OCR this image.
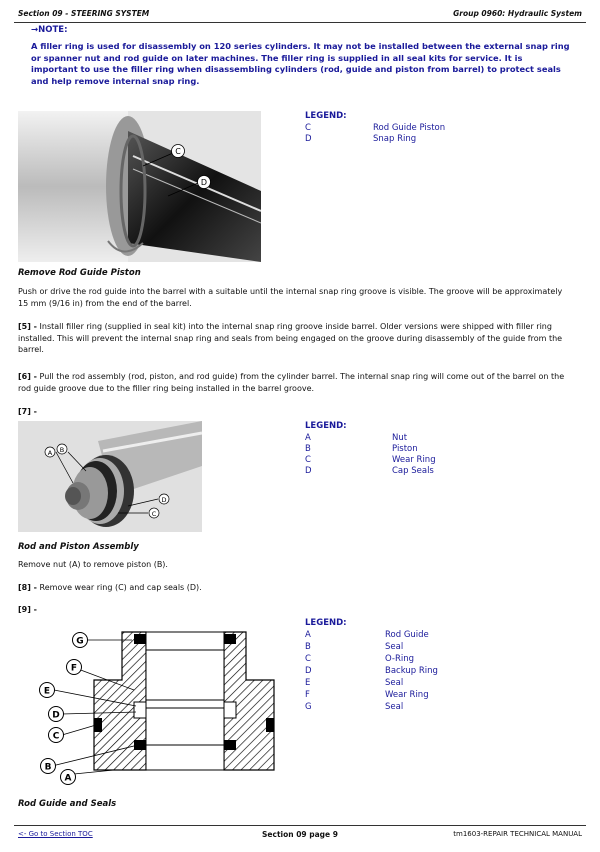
Section 09 - STEERING SYSTEM	Group 0960: Hydraulic System
→NOTE:
A filler ring is used for disassembly on 120 series cylinders. It may not be installed between the external snap ring or spanner nut and rod guide on later machines. The filler ring is supplied in all seal kits for service. It is important to use the filler ring when disassembling cylinders (rod, guide and piston from barrel) to protect seals and help remove internal snap ring.
C
D
LEGEND:
C	Rod Guide Piston
D	Snap Ring
Remove Rod Guide Piston
Push or drive the rod guide into the barrel with a suitable until the internal snap ring groove is visible. The groove will be approximately 15 mm (9/16 in) from the end of the barrel.
[5] - Install filler ring (supplied in seal kit) into the internal snap ring groove inside barrel. Older versions were shipped with filler ring installed. This will prevent the internal snap ring and seals from being engaged on the groove during disassembly of the guide from the barrel.
[6] - Pull the rod assembly (rod, piston, and rod guide) from the cylinder barrel. The internal snap ring will come out of the barrel on the rod guide groove due to the filler ring being installed in the barrel groove.
[7] -
A B
C
D
LEGEND:
A	Nut
B	Piston
C	Wear Ring
D	Cap Seals
Rod and Piston Assembly
Remove nut (A) to remove piston (B).
[8] - Remove wear ring (C) and cap seals (D).
[9] -
G
F
E
D
C
B
A
LEGEND:
A	Rod Guide
B	Seal
C	O-Ring
D	Backup Ring
E	Seal
F	Wear Ring
G	Seal
Rod Guide and Seals
<- Go to Section TOC	Section 09 page 9	tm1603-REPAIR TECHNICAL MANUAL
